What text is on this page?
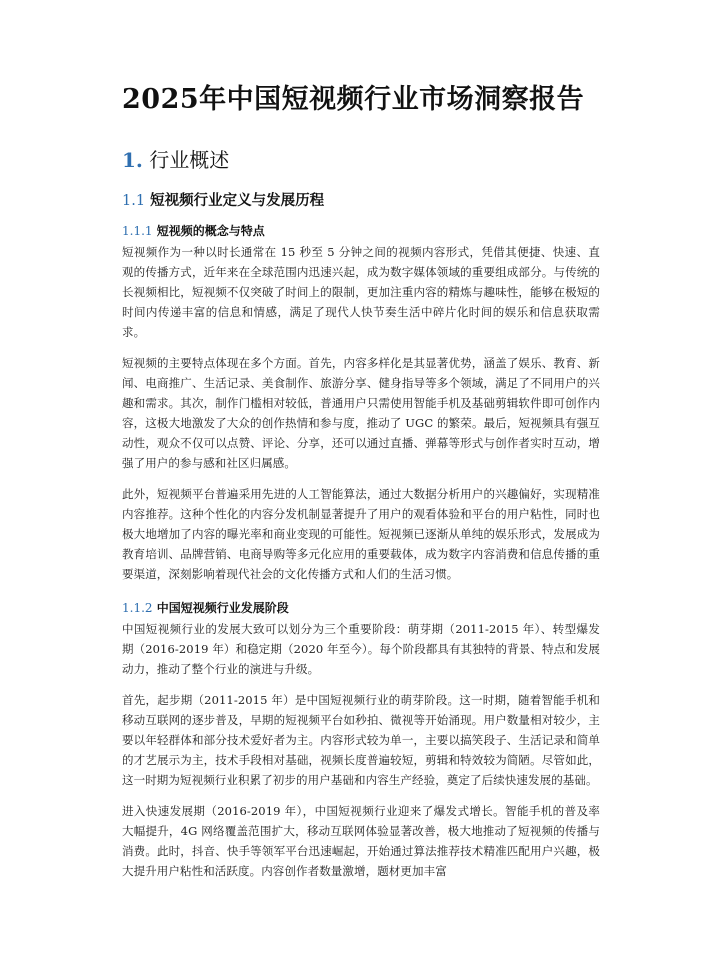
2025年中国短视频行业市场洞察报告
1. 行业概述
1.1 短视频行业定义与发展历程
1.1.1 短视频的概念与特点

短视频作为一种以时长通常在 15 秒至 5 分钟之间的视频内容形式，凭借其便捷、快速、直观的传播方式，近年来在全球范围内迅速兴起，成为数字媒体领域的重要组成部分。与传统的长视频相比，短视频不仅突破了时间上的限制，更加注重内容的精炼与趣味性，能够在极短的时间内传递丰富的信息和情感，满足了现代人快节奏生活中碎片化时间的娱乐和信息获取需求。

短视频的主要特点体现在多个方面。首先，内容多样化是其显著优势，涵盖了娱乐、教育、新闻、电商推广、生活记录、美食制作、旅游分享、健身指导等多个领域，满足了不同用户的兴趣和需求。其次，制作门槛相对较低，普通用户只需使用智能手机及基础剪辑软件即可创作内容，这极大地激发了大众的创作热情和参与度，推动了 UGC 的繁荣。最后，短视频具有强互动性，观众不仅可以点赞、评论、分享，还可以通过直播、弹幕等形式与创作者实时互动，增强了用户的参与感和社区归属感。

此外，短视频平台普遍采用先进的人工智能算法，通过大数据分析用户的兴趣偏好，实现精准内容推荐。这种个性化的内容分发机制显著提升了用户的观看体验和平台的用户粘性，同时也极大地增加了内容的曝光率和商业变现的可能性。短视频已逐渐从单纯的娱乐形式，发展成为教育培训、品牌营销、电商导购等多元化应用的重要载体，成为数字内容消费和信息传播的重要渠道，深刻影响着现代社会的文化传播方式和人们的生活习惯。

1.1.2 中国短视频行业发展阶段

中国短视频行业的发展大致可以划分为三个重要阶段：萌芽期（2011-2015 年）、转型爆发期（2016-2019 年）和稳定期（2020 年至今）。每个阶段都具有其独特的背景、特点和发展动力，推动了整个行业的演进与升级。

首先，起步期（2011-2015 年）是中国短视频行业的萌芽阶段。这一时期，随着智能手机和移动互联网的逐步普及，早期的短视频平台如秒拍、微视等开始涌现。用户数量相对较少，主要以年轻群体和部分技术爱好者为主。内容形式较为单一，主要以搞笑段子、生活记录和简单的才艺展示为主，技术手段相对基础，视频长度普遍较短，剪辑和特效较为简陋。尽管如此，这一时期为短视频行业积累了初步的用户基础和内容生产经验，奠定了后续快速发展的基础。

进入快速发展期（2016-2019 年），中国短视频行业迎来了爆发式增长。智能手机的普及率大幅提升，4G 网络覆盖范围扩大，移动互联网体验显著改善，极大地推动了短视频的传播与消费。此时，抖音、快手等领军平台迅速崛起，开始通过算法推荐技术精准匹配用户兴趣，极大提升用户粘性和活跃度。内容创作者数量激增，题材更加丰富
